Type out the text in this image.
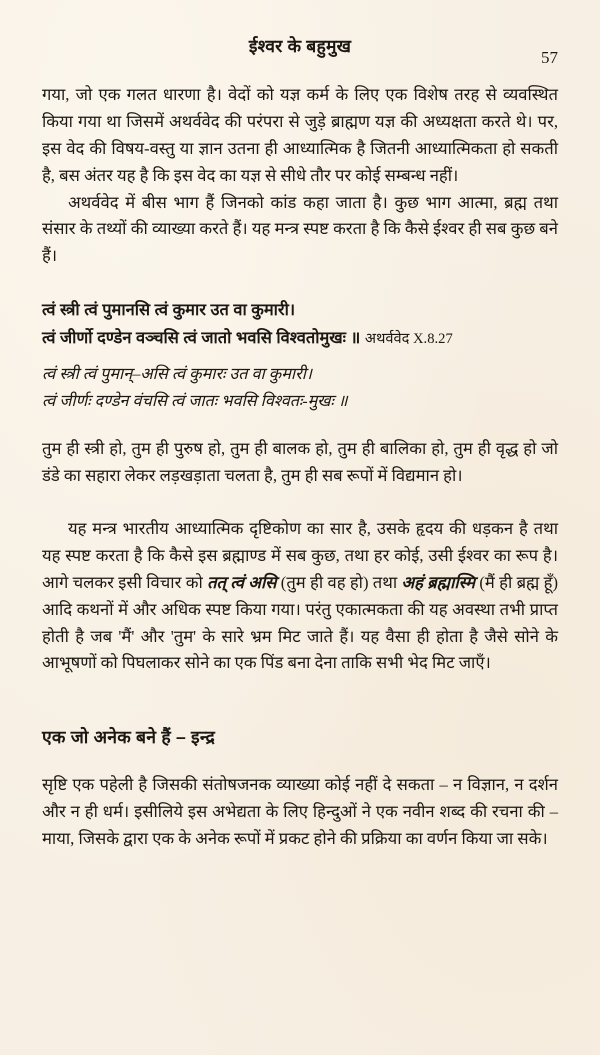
ईश्वर के बहुमुख
57

गया, जो एक गलत धारणा है। वेदों को यज्ञ कर्म के लिए एक विशेष तरह से व्यवस्थित किया गया था जिसमें अथर्ववेद की परंपरा से जुड़े ब्राह्मण यज्ञ की अध्यक्षता करते थे। पर, इस वेद की विषय-वस्तु या ज्ञान उतना ही आध्यात्मिक है जितनी आध्यात्मिकता हो सकती है, बस अंतर यह है कि इस वेद का यज्ञ से सीधे तौर पर कोई सम्बन्ध नहीं।

अथर्ववेद में बीस भाग हैं जिनको कांड कहा जाता है। कुछ भाग आत्मा, ब्रह्म तथा संसार के तथ्यों की व्याख्या करते हैं। यह मन्त्र स्पष्ट करता है कि कैसे ईश्वर ही सब कुछ बने हैं।

त्वं स्त्री त्वं पुमानसि त्वं कुमार उत वा कुमारी।
त्वं जीर्णो दण्डेन वञ्चसि त्वं जातो भवसि विश्वतोमुखः ॥ अथर्ववेद X.8.27
त्वं स्त्री त्वं पुमान्–असि त्वं कुमारः उत वा कुमारी।
त्वं जीर्णः दण्डेन वंचसि त्वं जातः भवसि विश्वतः-मुखः ॥

तुम ही स्त्री हो, तुम ही पुरुष हो, तुम ही बालक हो, तुम ही बालिका हो, तुम ही वृद्ध हो जो डंडे का सहारा लेकर लड़खड़ाता चलता है, तुम ही सब रूपों में विद्यमान हो।

यह मन्त्र भारतीय आध्यात्मिक दृष्टिकोण का सार है, उसके हृदय की धड़कन है तथा यह स्पष्ट करता है कि कैसे इस ब्रह्माण्ड में सब कुछ, तथा हर कोई, उसी ईश्वर का रूप है। आगे चलकर इसी विचार को तत् त्वं असि (तुम ही वह हो) तथा अहं ब्रह्मास्मि (मैं ही ब्रह्म हूँ) आदि कथनों में और अधिक स्पष्ट किया गया। परंतु एकात्मकता की यह अवस्था तभी प्राप्त होती है जब 'मैं' और 'तुम' के सारे भ्रम मिट जाते हैं। यह वैसा ही होता है जैसे सोने के आभूषणों को पिघलाकर सोने का एक पिंड बना देना ताकि सभी भेद मिट जाएँ।

एक जो अनेक बने हैं – इन्द्र

सृष्टि एक पहेली है जिसकी संतोषजनक व्याख्या कोई नहीं दे सकता – न विज्ञान, न दर्शन और न ही धर्म। इसीलिये इस अभेद्यता के लिए हिन्दुओं ने एक नवीन शब्द की रचना की – माया, जिसके द्वारा एक के अनेक रूपों में प्रकट होने की प्रक्रिया का वर्णन किया जा सके।
